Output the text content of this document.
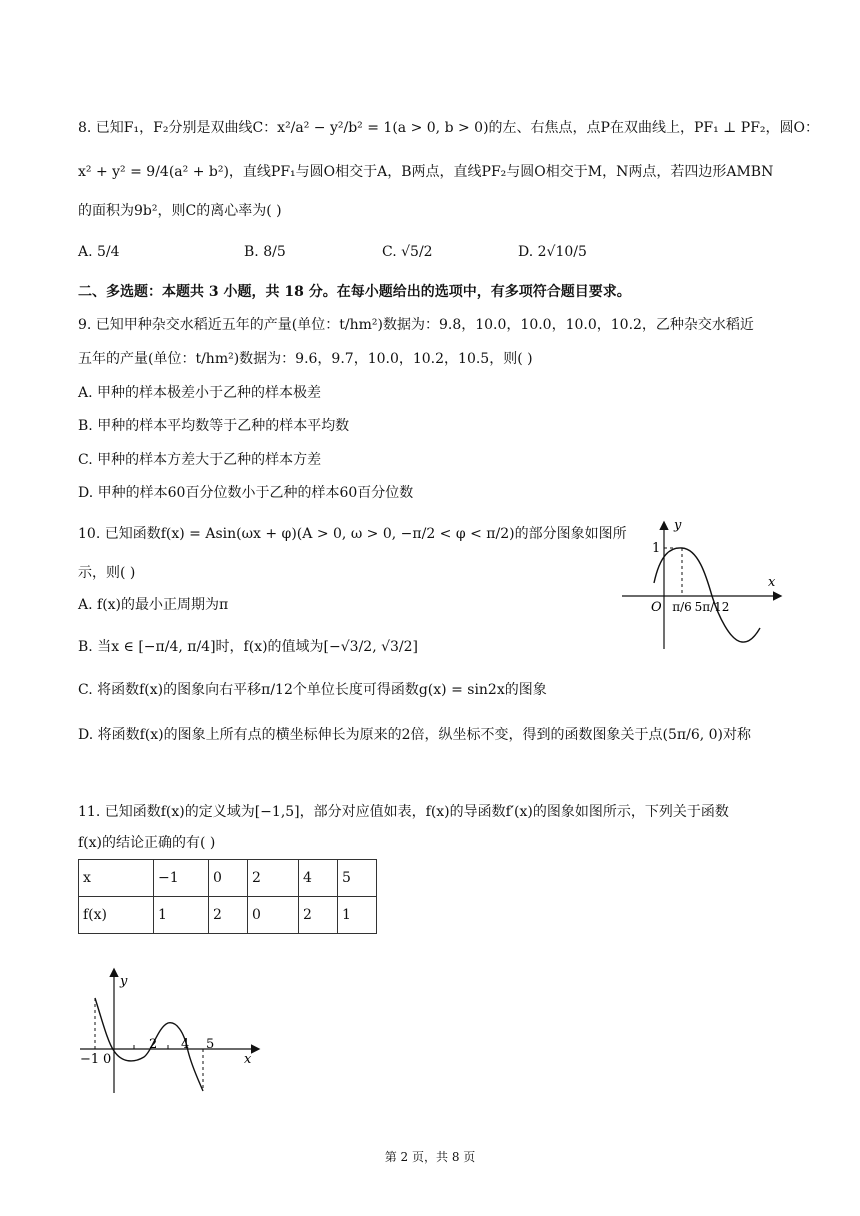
8. 已知F₁，F₂分别是双曲线C：x²/a² − y²/b² = 1(a > 0, b > 0)的左、右焦点，点P在双曲线上，PF₁ ⊥ PF₂，圆O：
x² + y² = 9/4(a² + b²)，直线PF₁与圆O相交于A，B两点，直线PF₂与圆O相交于M，N两点，若四边形AMBN
的面积为9b²，则C的离心率为( )
A. 5/4	B. 8/5	C. √5/2	D. 2√10/5
二、多选题：本题共 3 小题，共 18 分。在每小题给出的选项中，有多项符合题目要求。
9. 已知甲种杂交水稻近五年的产量(单位：t/hm²)数据为：9.8，10.0，10.0，10.0，10.2，乙种杂交水稻近
五年的产量(单位：t/hm²)数据为：9.6，9.7，10.0，10.2，10.5，则( )
A. 甲种的样本极差小于乙种的样本极差
B. 甲种的样本平均数等于乙种的样本平均数
C. 甲种的样本方差大于乙种的样本方差
D. 甲种的样本60百分位数小于乙种的样本60百分位数
10. 已知函数f(x) = Asin(ωx + φ)(A > 0, ω > 0, −π/2 < φ < π/2)的部分图象如图所
示，则( )
A. f(x)的最小正周期为π
B. 当x ∈ [−π/4, π/4]时，f(x)的值域为[−√3/2, √3/2]
C. 将函数f(x)的图象向右平移π/12个单位长度可得函数g(x) = sin2x的图象
D. 将函数f(x)的图象上所有点的横坐标伸长为原来的2倍，纵坐标不变，得到的函数图象关于点(5π/6, 0)对称
y
x
O
1
π/6 5π/12
11. 已知函数f(x)的定义域为[−1,5]，部分对应值如表，f(x)的导函数f′(x)的图象如图所示，下列关于函数
f(x)的结论正确的有( )
x	−1	0	2	4	5
f(x)	1	2	0	2	1
y
x
−1 0
2 4 5
第 2 页，共 8 页
